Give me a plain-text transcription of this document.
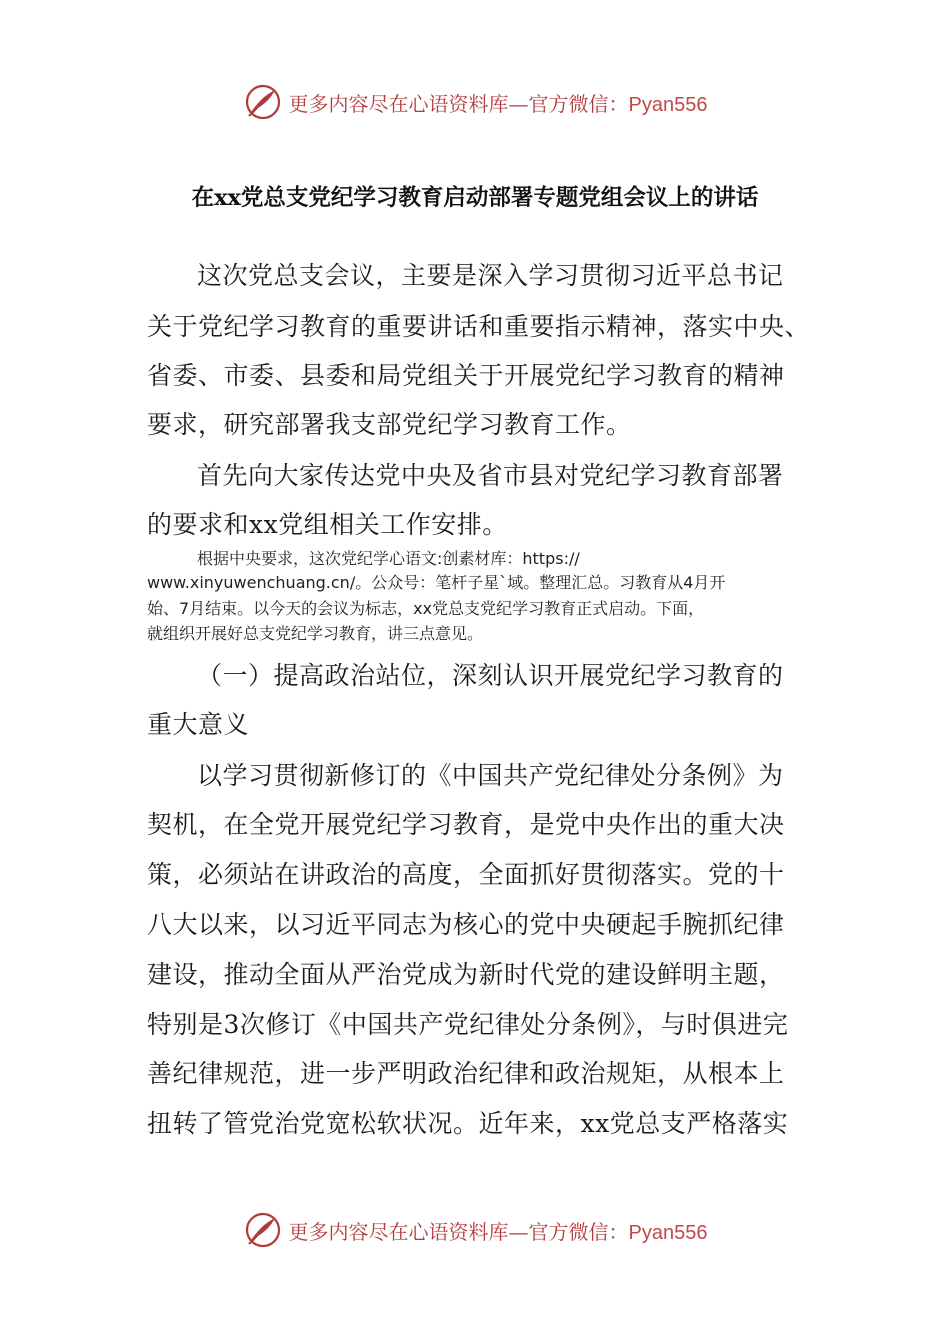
更多内容尽在心语资料库—官方微信：Pyan556
在xx党总支党纪学习教育启动部署专题党组会议上的讲话
这次党总支会议，主要是深入学习贯彻习近平总书记
关于党纪学习教育的重要讲话和重要指示精神，落实中央、
省委、市委、县委和局党组关于开展党纪学习教育的精神
要求，研究部署我支部党纪学习教育工作。
首先向大家传达党中央及省市县对党纪学习教育部署
的要求和xx党组相关工作安排。
根据中央要求，这次党纪学心语文:创素材库：https://
www.xinyuwenchuang.cn/。公众号：笔杆子星`域。整理汇总。习教育从4月开
始、7月结束。以今天的会议为标志，xx党总支党纪学习教育正式启动。下面，
就组织开展好总支党纪学习教育，讲三点意见。
（一）提高政治站位，深刻认识开展党纪学习教育的
重大意义
以学习贯彻新修订的《中国共产党纪律处分条例》为
契机，在全党开展党纪学习教育，是党中央作出的重大决
策，必须站在讲政治的高度，全面抓好贯彻落实。党的十
八大以来，以习近平同志为核心的党中央硬起手腕抓纪律
建设，推动全面从严治党成为新时代党的建设鲜明主题，
特别是3次修订《中国共产党纪律处分条例》，与时俱进完
善纪律规范，进一步严明政治纪律和政治规矩，从根本上
扭转了管党治党宽松软状况。近年来，xx党总支严格落实
更多内容尽在心语资料库—官方微信：Pyan556
